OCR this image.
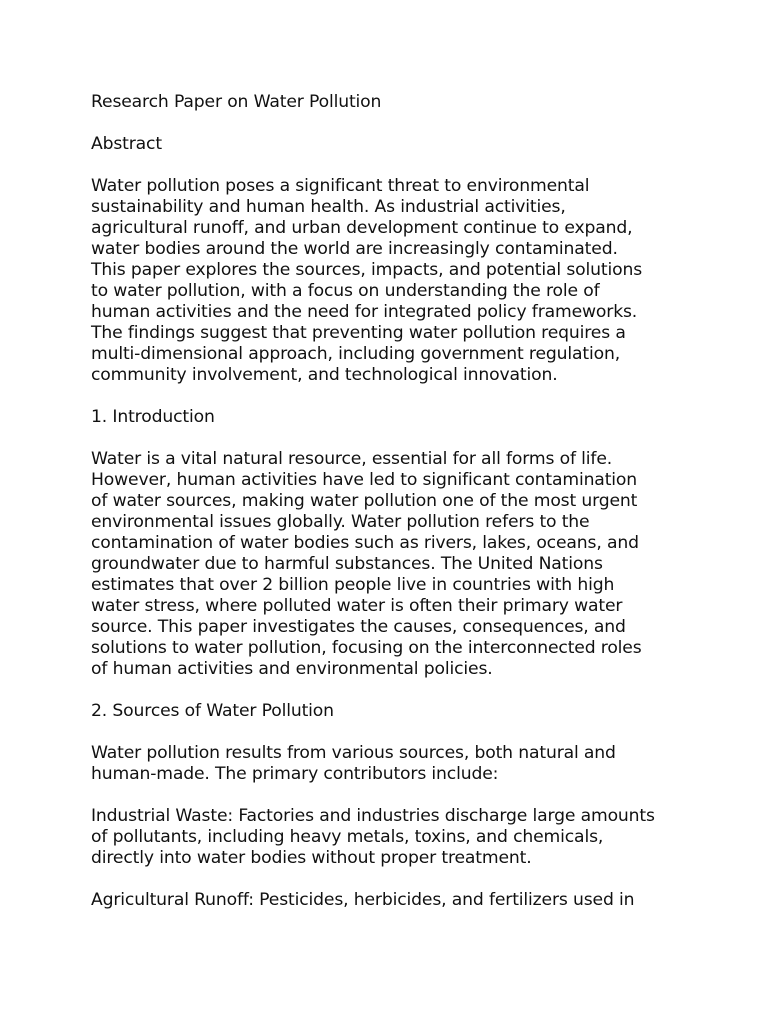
Research Paper on Water Pollution

Abstract

Water pollution poses a significant threat to environmental
sustainability and human health. As industrial activities,
agricultural runoff, and urban development continue to expand,
water bodies around the world are increasingly contaminated.
This paper explores the sources, impacts, and potential solutions
to water pollution, with a focus on understanding the role of
human activities and the need for integrated policy frameworks.
The findings suggest that preventing water pollution requires a
multi-dimensional approach, including government regulation,
community involvement, and technological innovation.

1. Introduction

Water is a vital natural resource, essential for all forms of life.
However, human activities have led to significant contamination
of water sources, making water pollution one of the most urgent
environmental issues globally. Water pollution refers to the
contamination of water bodies such as rivers, lakes, oceans, and
groundwater due to harmful substances. The United Nations
estimates that over 2 billion people live in countries with high
water stress, where polluted water is often their primary water
source. This paper investigates the causes, consequences, and
solutions to water pollution, focusing on the interconnected roles
of human activities and environmental policies.

2. Sources of Water Pollution

Water pollution results from various sources, both natural and
human-made. The primary contributors include:

Industrial Waste: Factories and industries discharge large amounts
of pollutants, including heavy metals, toxins, and chemicals,
directly into water bodies without proper treatment.

Agricultural Runoff: Pesticides, herbicides, and fertilizers used in
